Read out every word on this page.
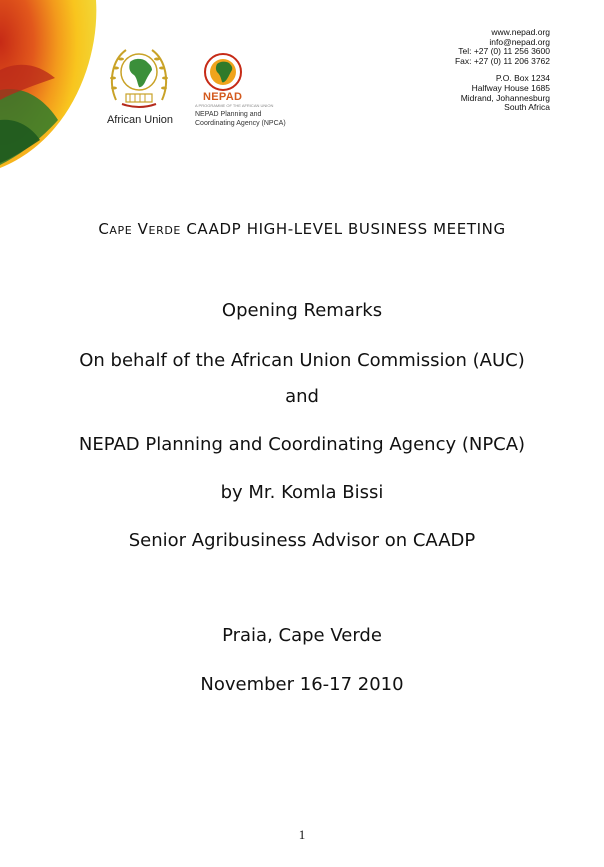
African Union
NEPAD
A PROGRAMME OF THE AFRICAN UNION
NEPAD Planning and
Coordinating Agency (NPCA)
www.nepad.org
info@nepad.org
Tel: +27 (0) 11 256 3600
Fax: +27 (0) 11 206 3762
P.O. Box 1234
Halfway House 1685
Midrand, Johannesburg
South Africa
Cape Verde CAADP HIGH-LEVEL BUSINESS MEETING
Opening Remarks
On behalf of the African Union Commission (AUC)
and
NEPAD Planning and Coordinating Agency (NPCA)
by Mr. Komla Bissi
Senior Agribusiness Advisor on CAADP
Praia, Cape Verde
November 16-17 2010
1
